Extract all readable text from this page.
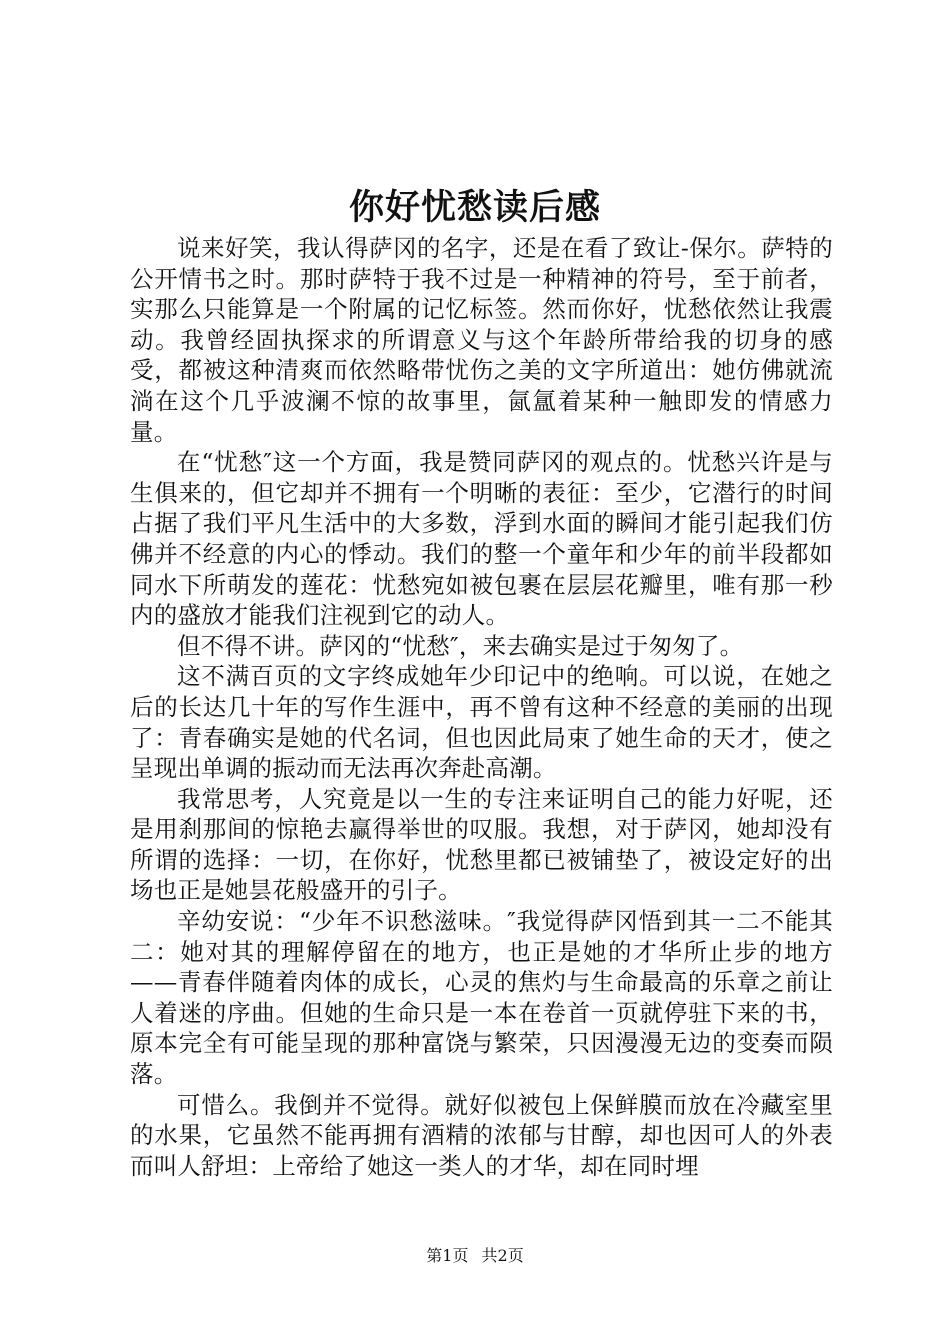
你好忧愁读后感

说来好笑，我认得萨冈的名字，还是在看了致让-保尔。萨特的公开情书之时。那时萨特于我不过是一种精神的符号，至于前者，实那么只能算是一个附属的记忆标签。然而你好，忧愁依然让我震动。我曾经固执探求的所谓意义与这个年龄所带给我的切身的感受，都被这种清爽而依然略带忧伤之美的文字所道出：她仿佛就流淌在这个几乎波澜不惊的故事里，氤氲着某种一触即发的情感力量。

在“忧愁″这一个方面，我是赞同萨冈的观点的。忧愁兴许是与生俱来的，但它却并不拥有一个明晰的表征：至少，它潜行的时间占据了我们平凡生活中的大多数，浮到水面的瞬间才能引起我们仿佛并不经意的内心的悸动。我们的整一个童年和少年的前半段都如同水下所萌发的莲花：忧愁宛如被包裹在层层花瓣里，唯有那一秒内的盛放才能我们注视到它的动人。

但不得不讲。萨冈的“忧愁″，来去确实是过于匆匆了。

这不满百页的文字终成她年少印记中的绝响。可以说，在她之后的长达几十年的写作生涯中，再不曾有这种不经意的美丽的出现了：青春确实是她的代名词，但也因此局束了她生命的天才，使之呈现出单调的振动而无法再次奔赴高潮。

我常思考，人究竟是以一生的专注来证明自己的能力好呢，还是用刹那间的惊艳去赢得举世的叹服。我想，对于萨冈，她却没有所谓的选择：一切，在你好，忧愁里都已被铺垫了，被设定好的出场也正是她昙花般盛开的引子。

辛幼安说：“少年不识愁滋味。″我觉得萨冈悟到其一二不能其二：她对其的理解停留在的地方，也正是她的才华所止步的地方——青春伴随着肉体的成长，心灵的焦灼与生命最高的乐章之前让人着迷的序曲。但她的生命只是一本在卷首一页就停驻下来的书，原本完全有可能呈现的那种富饶与繁荣，只因漫漫无边的变奏而陨落。

可惜么。我倒并不觉得。就好似被包上保鲜膜而放在冷藏室里的水果，它虽然不能再拥有酒精的浓郁与甘醇，却也因可人的外表而叫人舒坦：上帝给了她这一类人的才华，却在同时埋

第1页 共2页
